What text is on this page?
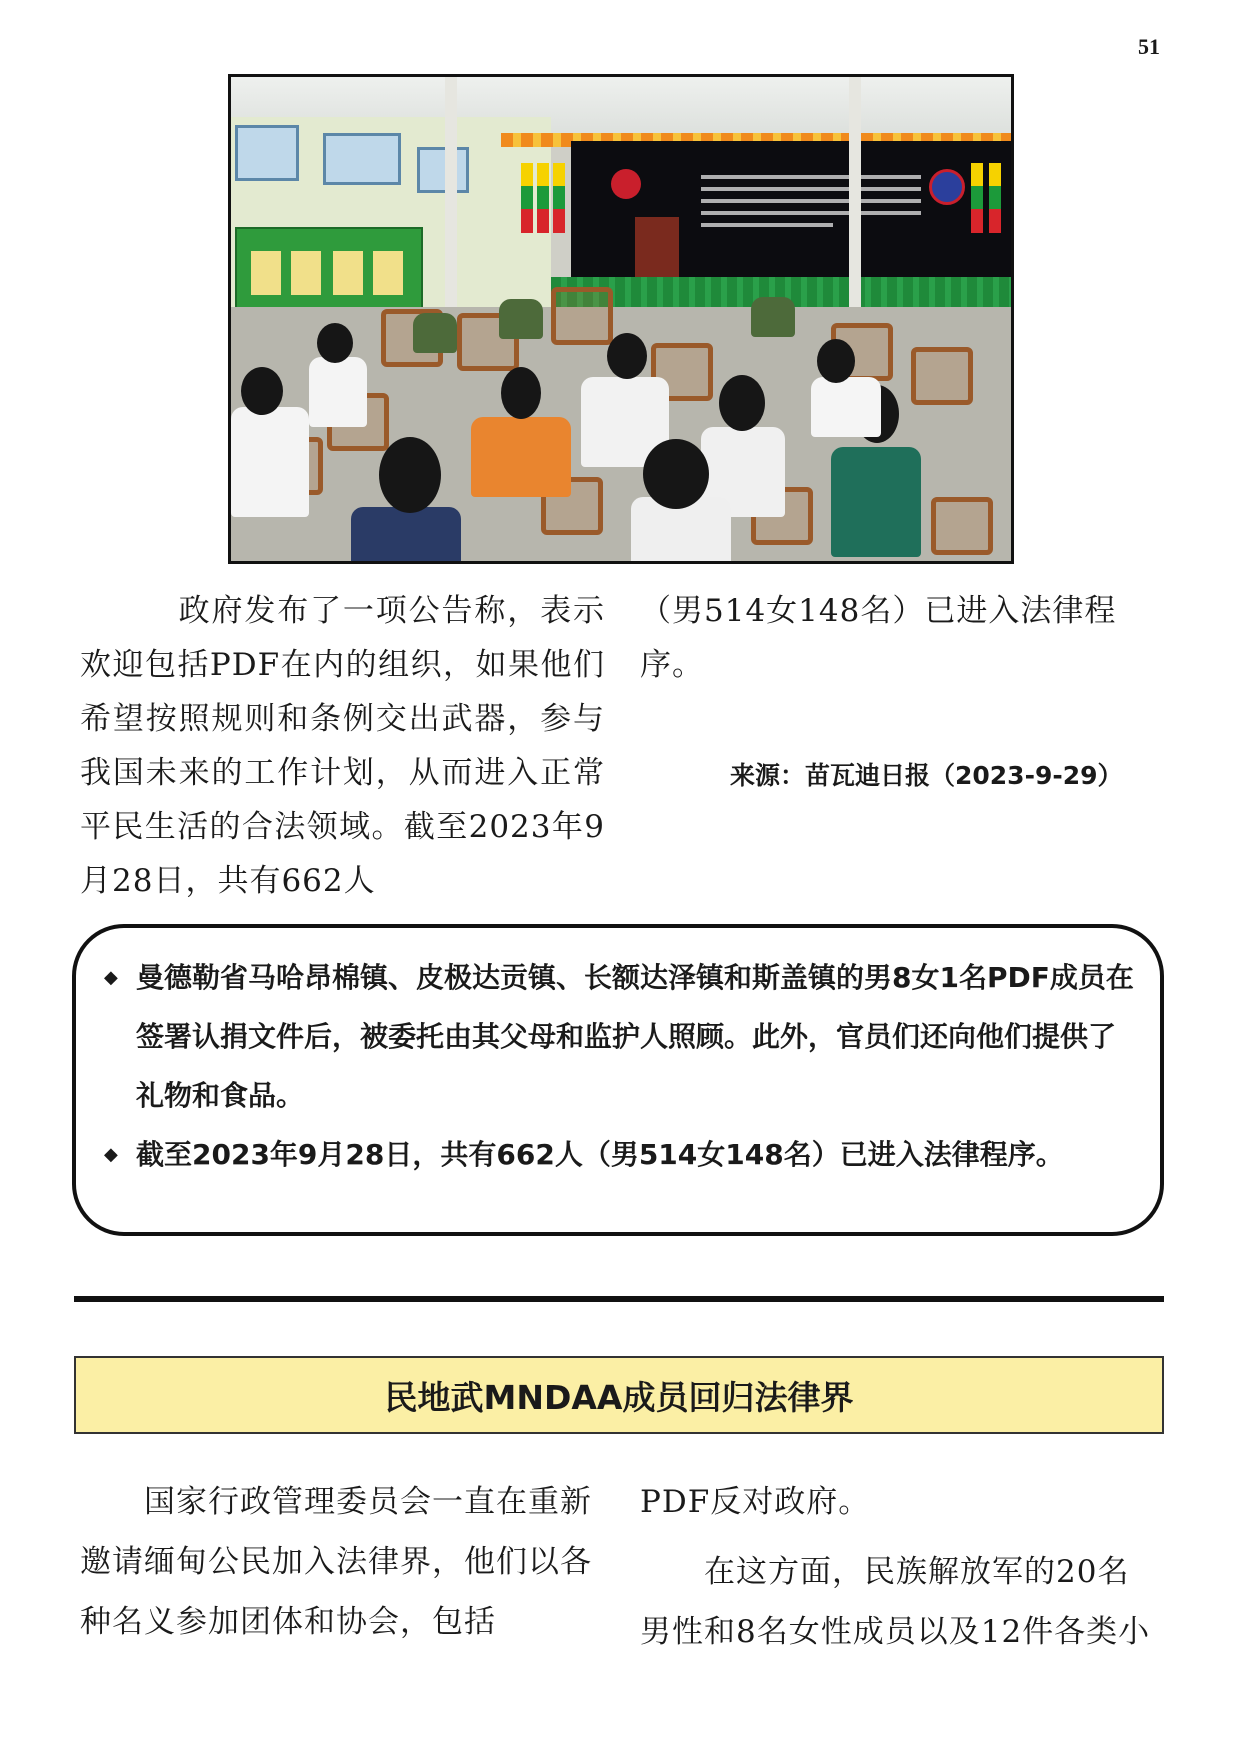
51

　　　政府发布了一项公告称，表示欢迎包括PDF在内的组织，如果他们希望按照规则和条例交出武器，参与我国未来的工作计划，从而进入正常平民生活的合法领域。截至2023年9月28日，共有662人

（男514女148名）已进入法律程序。

来源：苗瓦迪日报（2023-9-29）
◆ 曼德勒省马哈昂棉镇、皮极达贡镇、长额达泽镇和斯盖镇的男8女1名PDF成员在签署认捐文件后，被委托由其父母和监护人照顾。此外，官员们还向他们提供了礼物和食品。
◆ 截至2023年9月28日，共有662人（男514女148名）已进入法律程序。
民地武MNDAA成员回归法律界

　　国家行政管理委员会一直在重新邀请缅甸公民加入法律界，他们以各种名义参加团体和协会，包括

PDF反对政府。

　　在这方面，民族解放军的20名男性和8名女性成员以及12件各类小
